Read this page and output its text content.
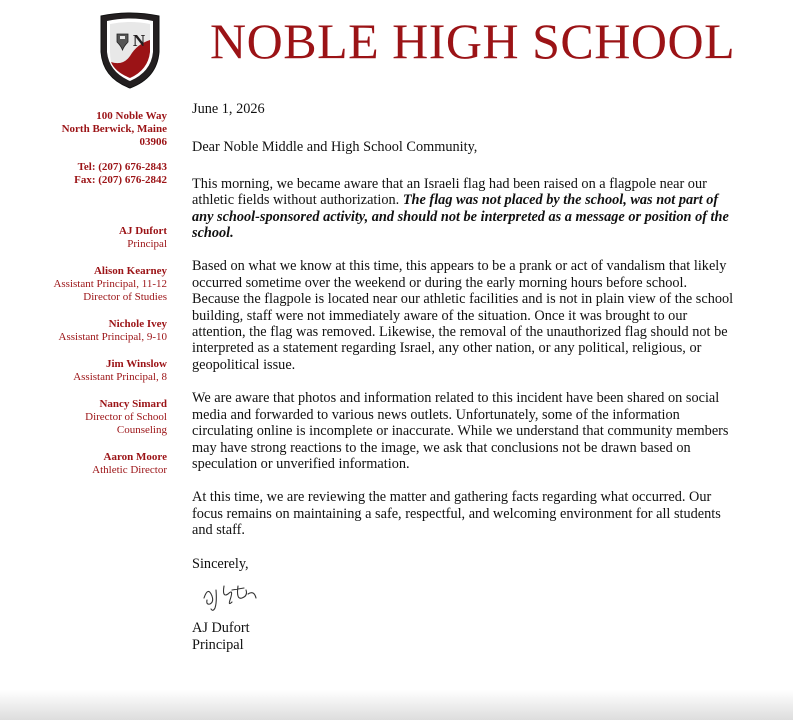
N NOBLE HIGH SCHOOL
100 Noble Way
North Berwick, Maine
03906
Tel: (207) 676-2843
Fax: (207) 676-2842
AJ Dufort
Principal
Alison Kearney
Assistant Principal, 11-12
Director of Studies
Nichole Ivey
Assistant Principal, 9-10
Jim Winslow
Assistant Principal, 8
Nancy Simard
Director of School
Counseling
Aaron Moore
Athletic Director

June 1, 2026

Dear Noble Middle and High School Community,

This morning, we became aware that an Israeli flag had been raised on a flagpole near our athletic fields without authorization. The flag was not placed by the school, was not part of any school-sponsored activity, and should not be interpreted as a message or position of the school.

Based on what we know at this time, this appears to be a prank or act of vandalism that likely occurred sometime over the weekend or during the early morning hours before school. Because the flagpole is located near our athletic facilities and is not in plain view of the school building, staff were not immediately aware of the situation. Once it was brought to our attention, the flag was removed. Likewise, the removal of the unauthorized flag should not be interpreted as a statement regarding Israel, any other nation, or any political, religious, or geopolitical issue.

We are aware that photos and information related to this incident have been shared on social media and forwarded to various news outlets. Unfortunately, some of the information circulating online is incomplete or inaccurate. While we understand that community members may have strong reactions to the image, we ask that conclusions not be drawn based on speculation or unverified information.

At this time, we are reviewing the matter and gathering facts regarding what occurred. Our focus remains on maintaining a safe, respectful, and welcoming environment for all students and staff.

Sincerely,

AJ Dufort
Principal
